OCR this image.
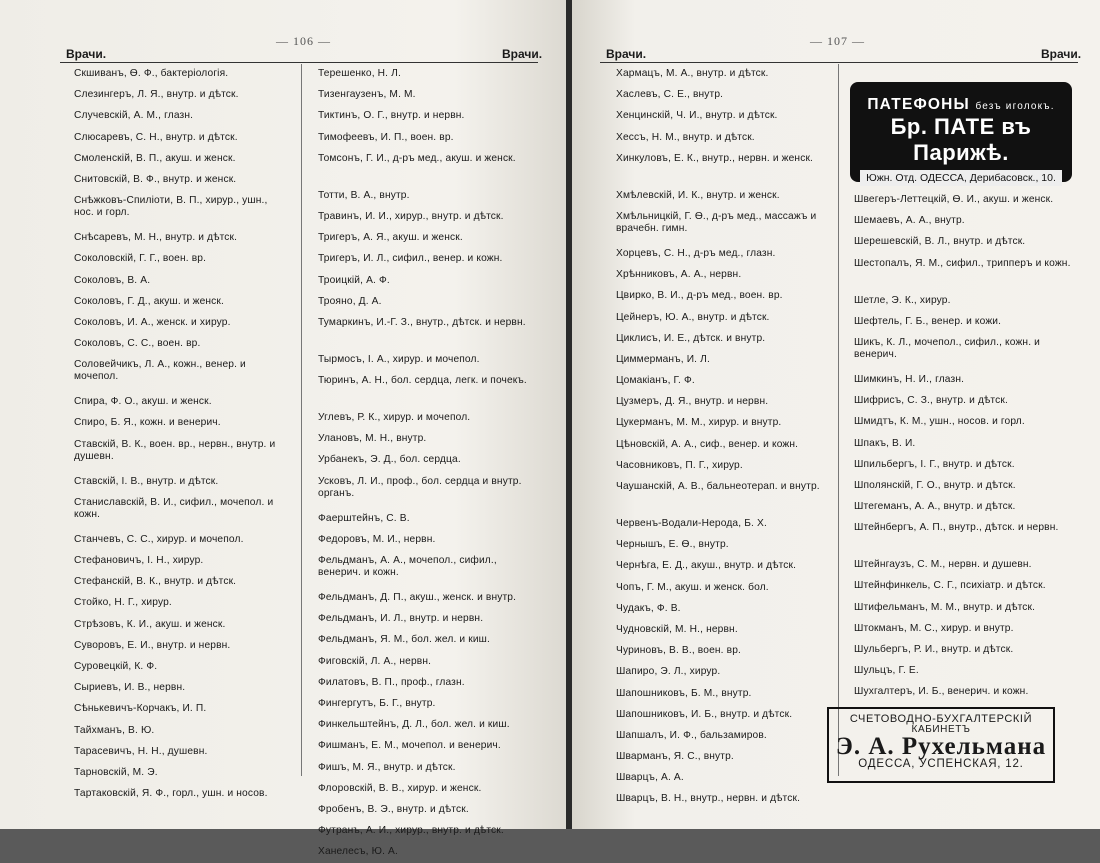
— 106 —
Врачи.	Врачи.
Скшиванъ, Ѳ. Ф., бактеріологія.
Слезингеръ, Л. Я., внутр. и дѣтск.
Случевскій, А. М., глазн.
Слюсаревъ, С. Н., внутр. и дѣтск.
Смоленскій, В. П., акуш. и женск.
Снитовскій, В. Ф., внутр. и женск.
Снѣжковъ-Спиліоти, В. П., хирур., ушн., нос. и горл.
Снѣсаревъ, М. Н., внутр. и дѣтск.
Соколовскій, Г. Г., воен. вр.
Соколовъ, В. А.
Соколовъ, Г. Д., акуш. и женск.
Соколовъ, И. А., женск. и хирур.
Соколовъ, С. С., воен. вр.
Соловейчикъ, Л. А., кожн., венер. и мочепол.
Спира, Ф. О., акуш. и женск.
Спиро, Б. Я., кожн. и венерич.
Ставскій, В. К., воен. вр., нервн., внутр. и душевн.
Ставскій, І. В., внутр. и дѣтск.
Станиславскій, В. И., сифил., мочепол. и кожн.
Станчевъ, С. С., хирур. и мочепол.
Стефановичъ, І. Н., хирур.
Стефанскій, В. К., внутр. и дѣтск.
Стойко, Н. Г., хирур.
Стрѣзовъ, К. И., акуш. и женск.
Суворовъ, Е. И., внутр. и нервн.
Суровецкій, К. Ф.
Сыриевъ, И. В., нервн.
Сѣнькевичъ-Корчакъ, И. П.
Тайхманъ, В. Ю.
Тарасевичъ, Н. Н., душевн.
Тарновскій, М. Э.
Тартаковскій, Я. Ф., горл., ушн. и носов.
Терешенко, Н. Л.
Тизенгаузенъ, М. М.
Тиктинъ, О. Г., внутр. и нервн.
Тимофеевъ, И. П., воен. вр.
Томсонъ, Г. И., д-ръ мед., акуш. и женск.
Тотти, В. А., внутр.
Травинъ, И. И., хирур., внутр. и дѣтск.
Тригеръ, А. Я., акуш. и женск.
Тригеръ, И. Л., сифил., венер. и кожн.
Троицкій, А. Ф.
Трояно, Д. А.
Тумаркинъ, И.-Г. З., внутр., дѣтск. и нервн.
Тырмосъ, І. А., хирур. и мочепол.
Тюринъ, А. Н., бол. сердца, легк. и почекъ.
Углевъ, Р. К., хирур. и мочепол.
Улановъ, М. Н., внутр.
Урбанекъ, Э. Д., бол. сердца.
Усковъ, Л. И., проф., бол. сердца и внутр. органъ.
Фаерштейнъ, С. В.
Федоровъ, М. И., нервн.
Фельдманъ, А. А., мочепол., сифил., венерич. и кожн.
Фельдманъ, Д. П., акуш., женск. и внутр.
Фельдманъ, И. Л., внутр. и нервн.
Фельдманъ, Я. М., бол. жел. и киш.
Фиговскій, Л. А., нервн.
Филатовъ, В. П., проф., глазн.
Фингергутъ, Б. Г., внутр.
Финкельштейнъ, Д. Л., бол. жел. и киш.
Фишманъ, Е. М., мочепол. и венерич.
Фишъ, М. Я., внутр. и дѣтск.
Флоровскій, В. В., хирур. и женск.
Фробенъ, В. Э., внутр. и дѣтск.
Футранъ, А. И., хирур., внутр. и дѣтск.
Ханелесъ, Ю. А.
— 107 —
Врачи.	Врачи.
Хармацъ, М. А., внутр. и дѣтск.
Хаслевъ, С. Е., внутр.
Хенцинскій, Ч. И., внутр. и дѣтск.
Хессъ, Н. М., внутр. и дѣтск.
Хинкуловъ, Е. К., внутр., нервн. и женск.
Хмѣлевскій, И. К., внутр. и женск.
Хмѣльницкій, Г. Ѳ., д-ръ мед., массажъ и врачебн. гимн.
Хорцевъ, С. Н., д-ръ мед., глазн.
Хрѣнниковъ, А. А., нервн.
Цвирко, В. И., д-ръ мед., воен. вр.
Цейнеръ, Ю. А., внутр. и дѣтск.
Циклисъ, И. Е., дѣтск. и внутр.
Циммерманъ, И. Л.
Цомакіанъ, Г. Ф.
Цузмеръ, Д. Я., внутр. и нервн.
Цукерманъ, М. М., хирур. и внутр.
Цѣновскій, А. А., сиф., венер. и кожн.
Часовниковъ, П. Г., хирур.
Чаушанскій, А. В., бальнеотерап. и внутр.
Червенъ-Водали-Нерода, Б. Х.
Чернышъ, Е. Ѳ., внутр.
Чернѣга, Е. Д., акуш., внутр. и дѣтск.
Чопъ, Г. М., акуш. и женск. бол.
Чудакъ, Ф. В.
Чудновскій, М. Н., нервн.
Чуриновъ, В. В., воен. вр.
Шапиро, Э. Л., хирур.
Шапошниковъ, Б. М., внутр.
Шапошниковъ, И. Б., внутр. и дѣтск.
Шапшалъ, И. Ф., бальзамиров.
Шварманъ, Я. С., внутр.
Шварцъ, А. А.
Шварцъ, В. Н., внутр., нервн. и дѣтск.
Швегеръ-Леттецкій, Ѳ. И., акуш. и женск.
Шемаевъ, А. А., внутр.
Шерешевскій, В. Л., внутр. и дѣтск.
Шестопалъ, Я. М., сифил., трипперъ и кожн.
Шетле, Э. К., хирур.
Шефтель, Г. Б., венер. и кожи.
Шикъ, К. Л., мочепол., сифил., кожн. и венерич.
Шимкинъ, Н. И., глазн.
Шифрисъ, С. З., внутр. и дѣтск.
Шмидтъ, К. М., ушн., носов. и горл.
Шпакъ, В. И.
Шпильбергъ, І. Г., внутр. и дѣтск.
Шполянскій, Г. О., внутр. и дѣтск.
Штегеманъ, А. А., внутр. и дѣтск.
Штейнбергъ, А. П., внутр., дѣтск. и нервн.
Штейнгаузъ, С. М., нервн. и душевн.
Штейнфинкель, С. Г., психіатр. и дѣтск.
Штифельманъ, М. М., внутр. и дѣтск.
Штокманъ, М. С., хирур. и внутр.
Шульбергъ, Р. И., внутр. и дѣтск.
Шульцъ, Г. Е.
Шухгалтеръ, И. Б., венерич. и кожн.
ПАТЕФОНЫ безъ иголокъ.
Бр. ПАТЕ въ Парижѣ.
Южн. Отд. ОДЕССА, Дерибасовск., 10.
СЧЕТОВОДНО-БУХГАЛТЕРСКІЙ
КАБИНЕТЪ
Э. А. Рухельмана
ОДЕССА, УСПЕНСКАЯ, 12.
